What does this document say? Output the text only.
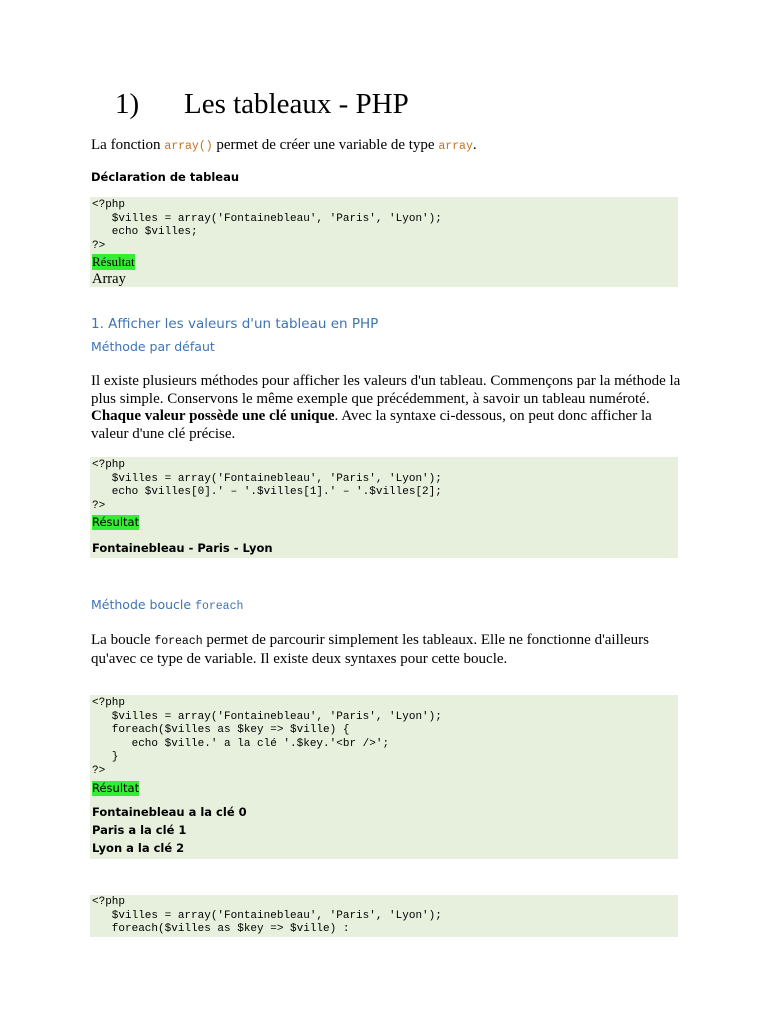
1) Les tableaux - PHP
La fonction array() permet de créer une variable de type array.
Déclaration de tableau
<?php
$villes = array('Fontainebleau', 'Paris', 'Lyon');
echo $villes;
?>
Résultat
Array
1. Afficher les valeurs d'un tableau en PHP
Méthode par défaut
Il existe plusieurs méthodes pour afficher les valeurs d'un tableau. Commençons par la méthode la plus simple. Conservons le même exemple que précédemment, à savoir un tableau numéroté. Chaque valeur possède une clé unique. Avec la syntaxe ci-dessous, on peut donc afficher la valeur d'une clé précise.
<?php
$villes = array('Fontainebleau', 'Paris', 'Lyon');
echo $villes[0].' – '.$villes[1].' – '.$villes[2];
?>
Résultat
Fontainebleau - Paris - Lyon
Méthode boucle foreach
La boucle foreach permet de parcourir simplement les tableaux. Elle ne fonctionne d'ailleurs qu'avec ce type de variable. Il existe deux syntaxes pour cette boucle.
<?php
$villes = array('Fontainebleau', 'Paris', 'Lyon');
foreach($villes as $key => $ville) {
echo $ville.' a la clé '.$key.'<br />';
}
?>
Résultat
Fontainebleau a la clé 0
Paris a la clé 1
Lyon a la clé 2
<?php
$villes = array('Fontainebleau', 'Paris', 'Lyon');
foreach($villes as $key => $ville) :
